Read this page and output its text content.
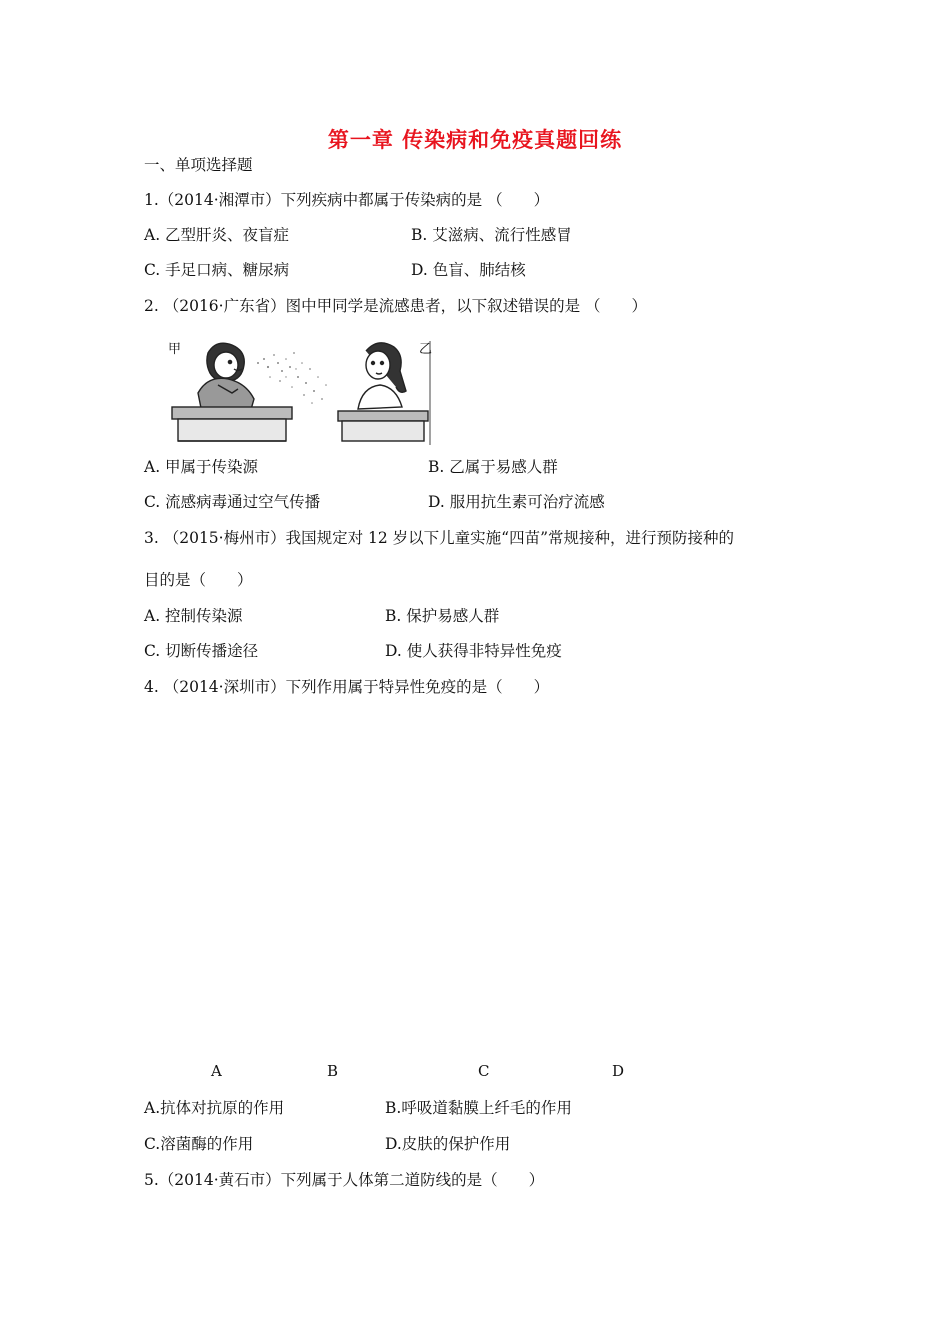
第一章 传染病和免疫真题回练
一、单项选择题
1.（2014·湘潭市）下列疾病中都属于传染病的是 （　　）
A. 乙型肝炎、夜盲症	B. 艾滋病、流行性感冒
C. 手足口病、糖尿病	D. 色盲、肺结核
2. （2016·广东省）图中甲同学是流感患者，以下叙述错误的是 （　　）
甲	乙
A. 甲属于传染源	B. 乙属于易感人群
C. 流感病毒通过空气传播	D. 服用抗生素可治疗流感
3. （2015·梅州市）我国规定对 12 岁以下儿童实施“四苗”常规接种，进行预防接种的
目的是（　　）
A. 控制传染源	B. 保护易感人群
C. 切断传播途径	D. 使人获得非特异性免疫
4. （2014·深圳市）下列作用属于特异性免疫的是（　　）
A	B	C	D
A.抗体对抗原的作用	B.呼吸道黏膜上纤毛的作用
C.溶菌酶的作用	D.皮肤的保护作用
5.（2014·黄石市）下列属于人体第二道防线的是（　　）
